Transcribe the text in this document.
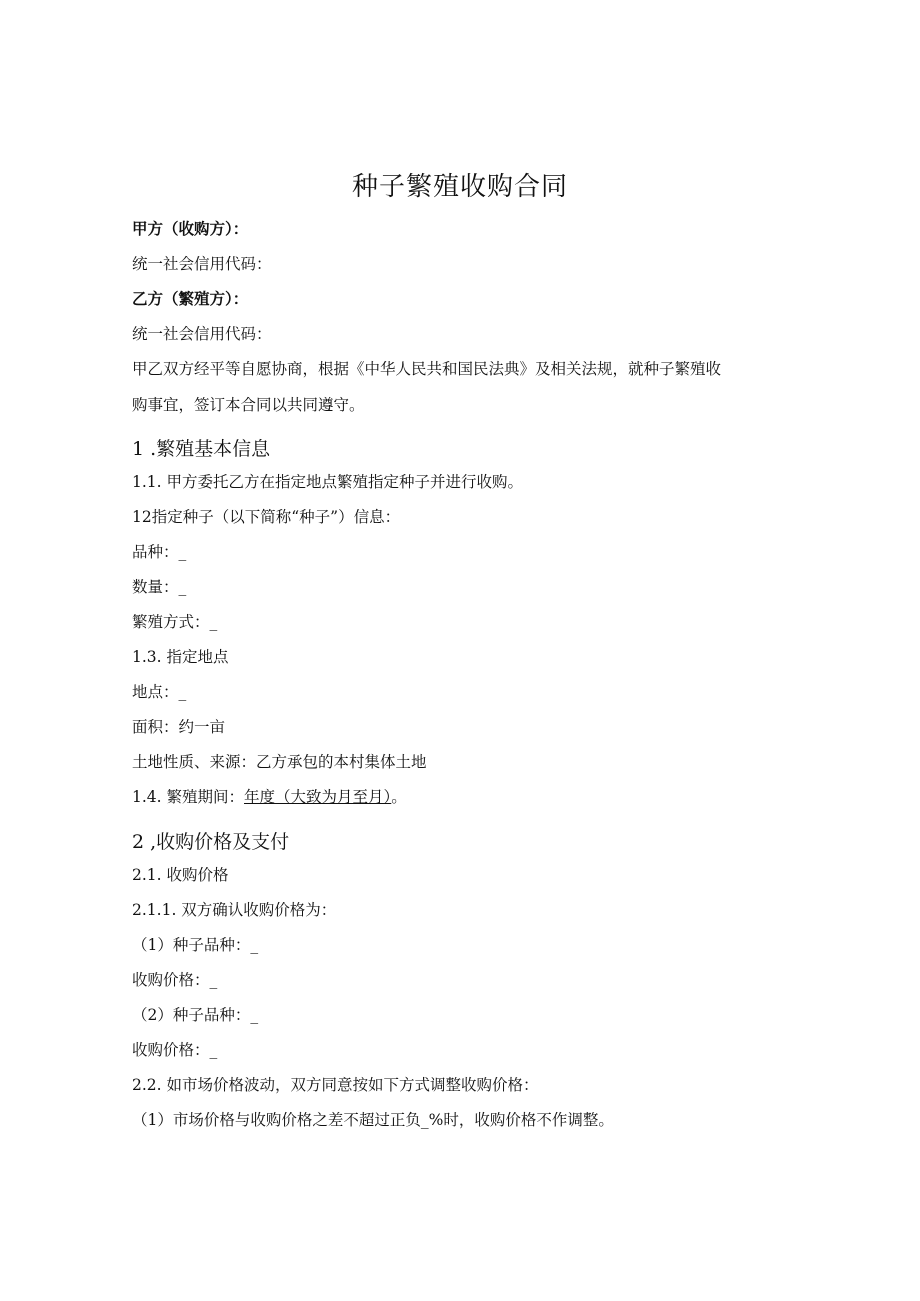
种子繁殖收购合同
甲方（收购方）：
统一社会信用代码：
乙方（繁殖方）：
统一社会信用代码：
甲乙双方经平等自愿协商，根据《中华人民共和国民法典》及相关法规，就种子繁殖收
购事宜，签订本合同以共同遵守。
1 .繁殖基本信息
1.1. 甲方委托乙方在指定地点繁殖指定种子并进行收购。
12指定种子（以下简称“种子”）信息：
品种：_
数量：_
繁殖方式：_
1.3. 指定地点
地点：_
面积：约一亩
土地性质、来源：乙方承包的本村集体土地
1.4. 繁殖期间：年度（大致为月至月）。
2 ,收购价格及支付
2.1. 收购价格
2.1.1. 双方确认收购价格为：
（1）种子品种：_
收购价格：_
（2）种子品种：_
收购价格：_
2.2. 如市场价格波动，双方同意按如下方式调整收购价格：
（1）市场价格与收购价格之差不超过正负_%时，收购价格不作调整。
